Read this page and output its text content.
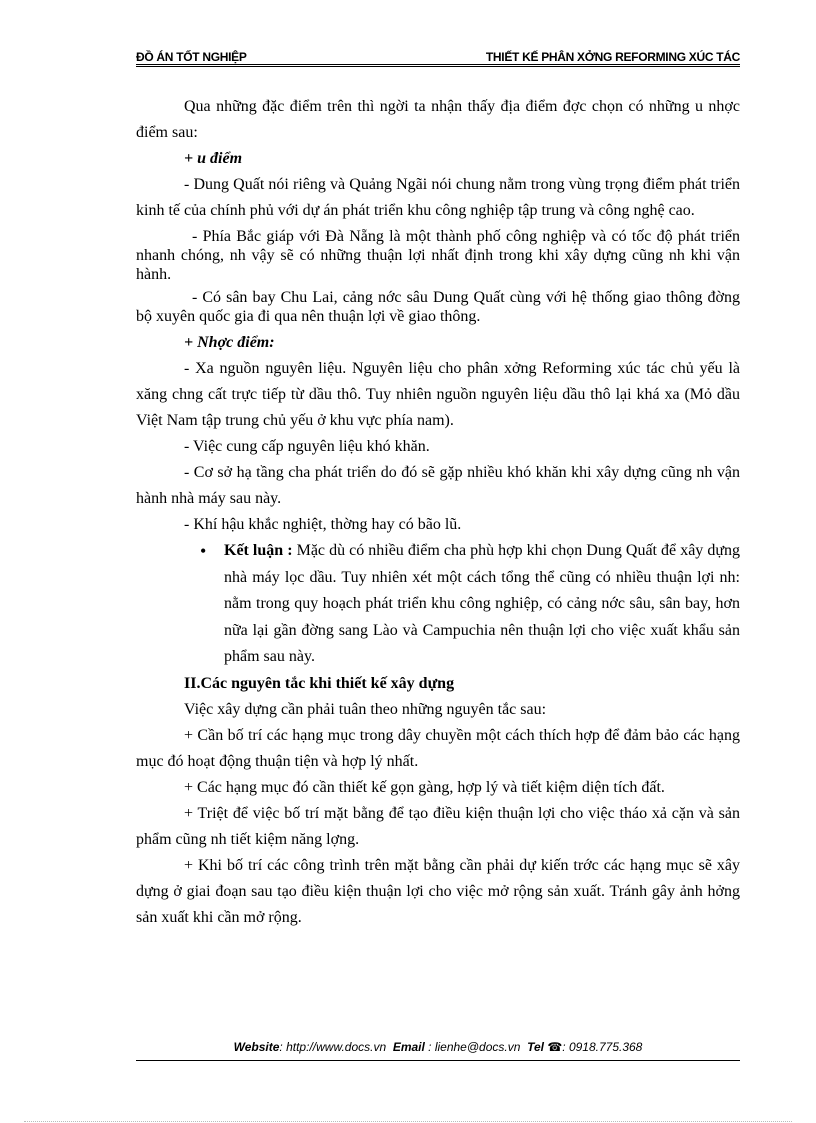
ĐỒ ÁN TỐT NGHIỆP	THIẾT KẾ PHÂN XỞNG REFORMING XÚC TÁC

Qua những đặc điểm trên thì ngời ta nhận thấy địa điểm đợc chọn có những u nhợc điểm sau:

+ u điểm

- Dung Quất nói riêng và Quảng Ngãi nói chung nằm trong vùng trọng điểm phát triển kinh tế của chính phủ với dự án phát triển khu công nghiệp tập trung và công nghệ cao.

- Phía Bắc giáp với Đà Nẵng là một thành phố công nghiệp và có tốc độ phát triển nhanh chóng, nh vậy sẽ có những thuận lợi nhất định trong khi xây dựng cũng nh khi vận hành.

- Có sân bay Chu Lai, cảng nớc sâu Dung Quất cùng với hệ thống giao thông đờng bộ xuyên quốc gia đi qua nên thuận lợi về giao thông.

+ Nhợc điểm:

- Xa nguồn nguyên liệu. Nguyên liệu cho phân xởng Reforming xúc tác chủ yếu là xăng chng cất trực tiếp từ dầu thô. Tuy nhiên nguồn nguyên liệu dầu thô lại khá xa (Mỏ dầu Việt Nam tập trung chủ yếu ở khu vực phía nam).

- Việc cung cấp nguyên liệu khó khăn.

- Cơ sở hạ tầng cha phát triển do đó sẽ gặp nhiều khó khăn khi xây dựng cũng nh vận hành nhà máy sau này.

- Khí hậu khắc nghiệt, thờng hay có bão lũ.

• Kết luận : Mặc dù có nhiều điểm cha phù hợp khi chọn Dung Quất để xây dựng nhà máy lọc dầu. Tuy nhiên xét một cách tổng thể cũng có nhiều thuận lợi nh: nằm trong quy hoạch phát triển khu công nghiệp, có cảng nớc sâu, sân bay, hơn nữa lại gần đờng sang Lào và Campuchia nên thuận lợi cho việc xuất khẩu sản phẩm sau này.

II.Các nguyên tắc khi thiết kế xây dựng

Việc xây dựng cần phải tuân theo những nguyên tắc sau:

+ Cần bố trí các hạng mục trong dây chuyền một cách thích hợp để đảm bảo các hạng mục đó hoạt động thuận tiện và hợp lý nhất.

+ Các hạng mục đó cần thiết kế gọn gàng, hợp lý và tiết kiệm diện tích đất.

+ Triệt để việc bố trí mặt bằng để tạo điều kiện thuận lợi cho việc tháo xả cặn và sản phẩm cũng nh tiết kiệm năng lợng.

+ Khi bố trí các công trình trên mặt bằng cần phải dự kiến trớc các hạng mục sẽ xây dựng ở giai đoạn sau tạo điều kiện thuận lợi cho việc mở rộng sản xuất. Tránh gây ảnh hởng sản xuất khi cần mở rộng.

Website: http://www.docs.vn Email : lienhe@docs.vn Tel ☎: 0918.775.368
